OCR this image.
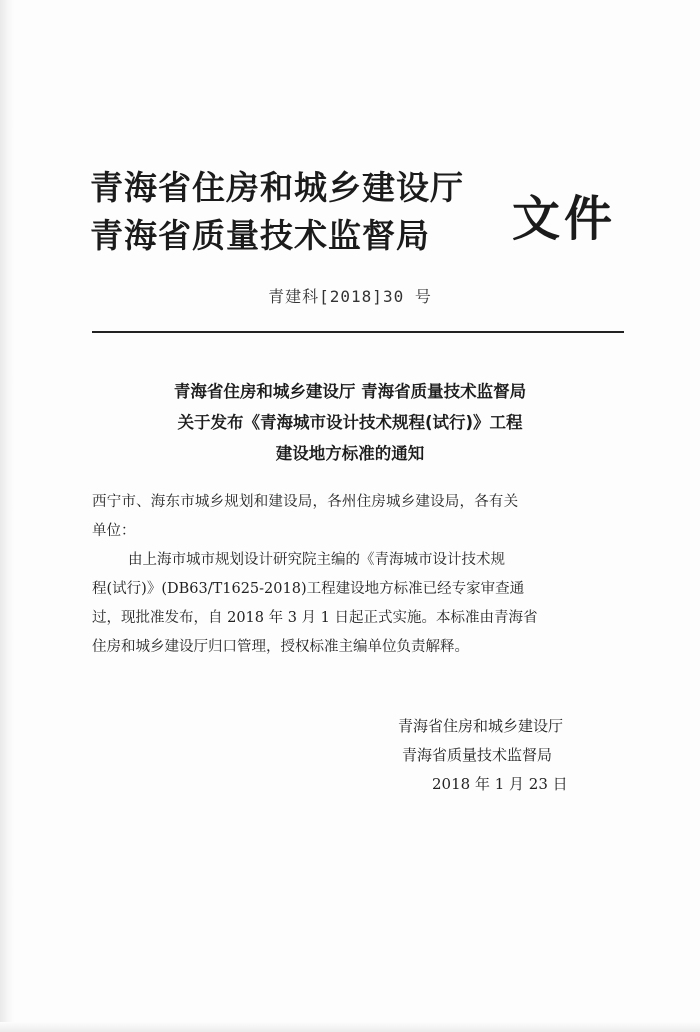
青海省住房和城乡建设厅
青海省质量技术监督局 文件
青建科[2018]30 号
青海省住房和城乡建设厅 青海省质量技术监督局
关于发布《青海城市设计技术规程(试行)》工程
建设地方标准的通知
西宁市、海东市城乡规划和建设局，各州住房城乡建设局，各有关
单位：
由上海市城市规划设计研究院主编的《青海城市设计技术规
程(试行)》(DB63/T1625-2018)工程建设地方标准已经专家审查通
过，现批准发布，自 2018 年 3 月 1 日起正式实施。本标准由青海省
住房和城乡建设厅归口管理，授权标准主编单位负责解释。
青海省住房和城乡建设厅
青海省质量技术监督局
2018 年 1 月 23 日
